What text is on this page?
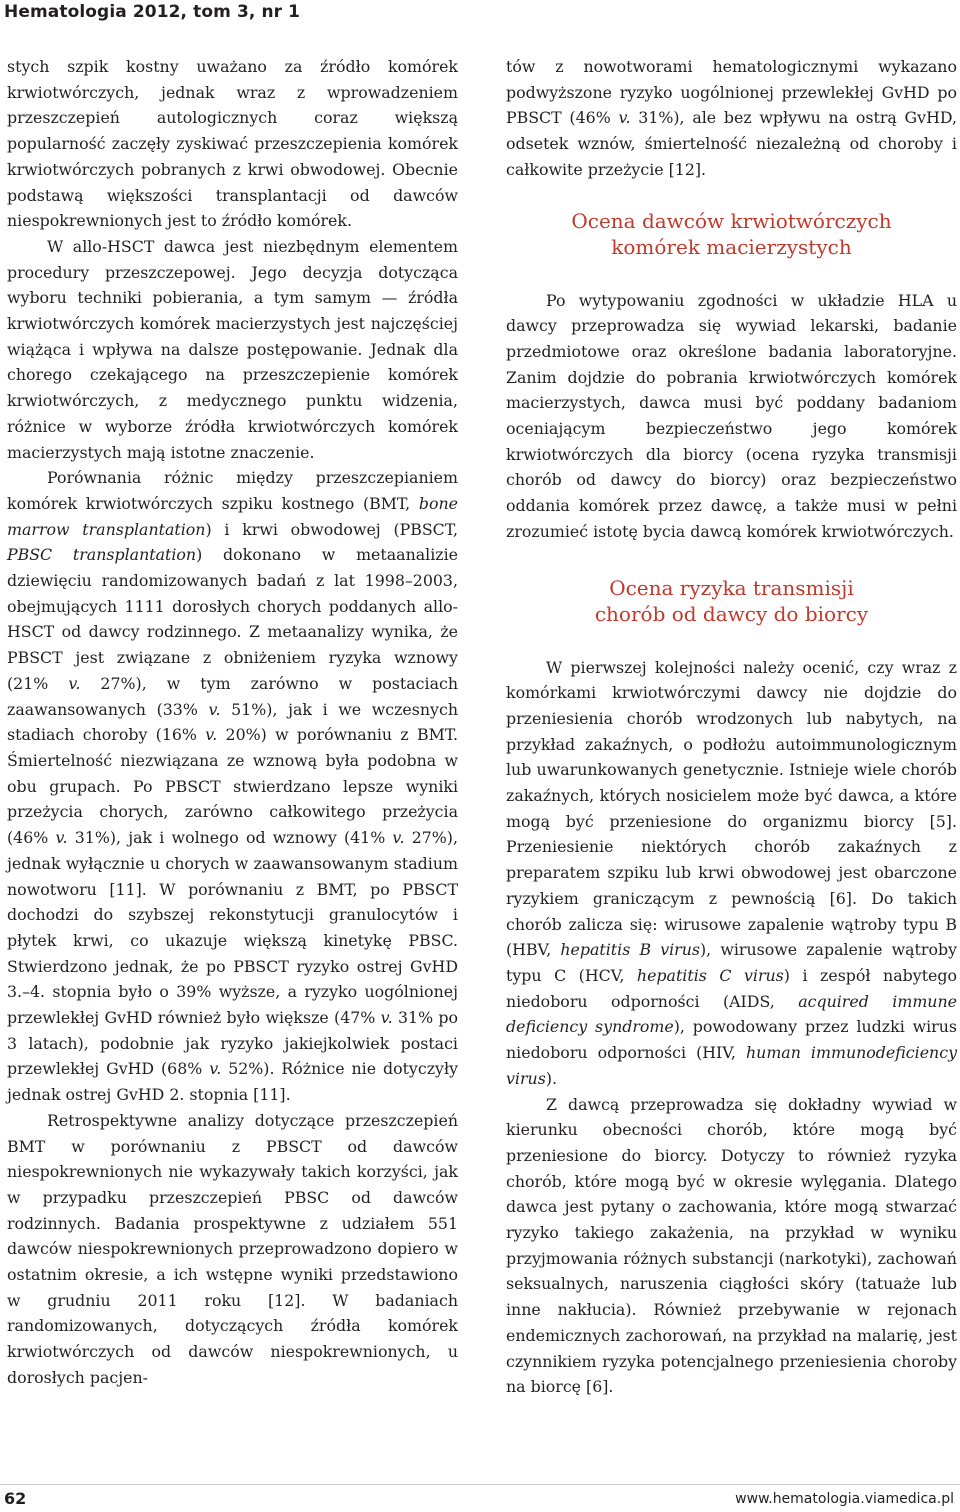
Hematologia 2012, tom 3, nr 1

stych szpik kostny uważano za źródło komórek krwiotwórczych, jednak wraz z wprowadzeniem przeszczepień autologicznych coraz większą popularność zaczęły zyskiwać przeszczepienia komórek krwiotwórczych pobranych z krwi obwodowej. Obecnie podstawą większości transplantacji od dawców niespokrewnionych jest to źródło komórek.

W allo-HSCT dawca jest niezbędnym elementem procedury przeszczepowej. Jego decyzja dotycząca wyboru techniki pobierania, a tym samym — źródła krwiotwórczych komórek macierzystych jest najczęściej wiążąca i wpływa na dalsze postępowanie. Jednak dla chorego czekającego na przeszczepienie komórek krwiotwórczych, z medycznego punktu widzenia, różnice w wyborze źródła krwiotwórczych komórek macierzystych mają istotne znaczenie.

Porównania różnic między przeszczepianiem komórek krwiotwórczych szpiku kostnego (BMT, bone marrow transplantation) i krwi obwodowej (PBSCT, PBSC transplantation) dokonano w metaanalizie dziewięciu randomizowanych badań z lat 1998–2003, obejmujących 1111 dorosłych chorych poddanych allo-HSCT od dawcy rodzinnego. Z metaanalizy wynika, że PBSCT jest związane z obniżeniem ryzyka wznowy (21% v. 27%), w tym zarówno w postaciach zaawansowanych (33% v. 51%), jak i we wczesnych stadiach choroby (16% v. 20%) w porównaniu z BMT. Śmiertelność niezwiązana ze wznową była podobna w obu grupach. Po PBSCT stwierdzano lepsze wyniki przeżycia chorych, zarówno całkowitego przeżycia (46% v. 31%), jak i wolnego od wznowy (41% v. 27%), jednak wyłącznie u chorych w zaawansowanym stadium nowotworu [11]. W porównaniu z BMT, po PBSCT dochodzi do szybszej rekonstytucji granulocytów i płytek krwi, co ukazuje większą kinetykę PBSC. Stwierdzono jednak, że po PBSCT ryzyko ostrej GvHD 3.–4. stopnia było o 39% wyższe, a ryzyko uogólnionej przewlekłej GvHD również było większe (47% v. 31% po 3 latach), podobnie jak ryzyko jakiejkolwiek postaci przewlekłej GvHD (68% v. 52%). Różnice nie dotyczyły jednak ostrej GvHD 2. stopnia [11].

Retrospektywne analizy dotyczące przeszczepień BMT w porównaniu z PBSCT od dawców niespokrewnionych nie wykazywały takich korzyści, jak w przypadku przeszczepień PBSC od dawców rodzinnych. Badania prospektywne z udziałem 551 dawców niespokrewnionych przeprowadzono dopiero w ostatnim okresie, a ich wstępne wyniki przedstawiono w grudniu 2011 roku [12]. W badaniach randomizowanych, dotyczących źródła komórek krwiotwórczych od dawców niespokrewnionych, u dorosłych pacjen-

tów z nowotworami hematologicznymi wykazano podwyższone ryzyko uogólnionej przewlekłej GvHD po PBSCT (46% v. 31%), ale bez wpływu na ostrą GvHD, odsetek wznów, śmiertelność niezależną od choroby i całkowite przeżycie [12].

Ocena dawców krwiotwórczych
komórek macierzystych

Po wytypowaniu zgodności w układzie HLA u dawcy przeprowadza się wywiad lekarski, badanie przedmiotowe oraz określone badania laboratoryjne. Zanim dojdzie do pobrania krwiotwórczych komórek macierzystych, dawca musi być poddany badaniom oceniającym bezpieczeństwo jego komórek krwiotwórczych dla biorcy (ocena ryzyka transmisji chorób od dawcy do biorcy) oraz bezpieczeństwo oddania komórek przez dawcę, a także musi w pełni zrozumieć istotę bycia dawcą komórek krwiotwórczych.

Ocena ryzyka transmisji
chorób od dawcy do biorcy

W pierwszej kolejności należy ocenić, czy wraz z komórkami krwiotwórczymi dawcy nie dojdzie do przeniesienia chorób wrodzonych lub nabytych, na przykład zakaźnych, o podłożu autoimmunologicznym lub uwarunkowanych genetycznie. Istnieje wiele chorób zakaźnych, których nosicielem może być dawca, a które mogą być przeniesione do organizmu biorcy [5]. Przeniesienie niektórych chorób zakaźnych z preparatem szpiku lub krwi obwodowej jest obarczone ryzykiem graniczącym z pewnością [6]. Do takich chorób zalicza się: wirusowe zapalenie wątroby typu B (HBV, hepatitis B virus), wirusowe zapalenie wątroby typu C (HCV, hepatitis C virus) i zespół nabytego niedoboru odporności (AIDS, acquired immune deficiency syndrome), powodowany przez ludzki wirus niedoboru odporności (HIV, human immunodeficiency virus).

Z dawcą przeprowadza się dokładny wywiad w kierunku obecności chorób, które mogą być przeniesione do biorcy. Dotyczy to również ryzyka chorób, które mogą być w okresie wylęgania. Dlatego dawca jest pytany o zachowania, które mogą stwarzać ryzyko takiego zakażenia, na przykład w wyniku przyjmowania różnych substancji (narkotyki), zachowań seksualnych, naruszenia ciągłości skóry (tatuaże lub inne nakłucia). Również przebywanie w rejonach endemicznych zachorowań, na przykład na malarię, jest czynnikiem ryzyka potencjalnego przeniesienia choroby na biorcę [6].

62	www.hematologia.viamedica.pl
